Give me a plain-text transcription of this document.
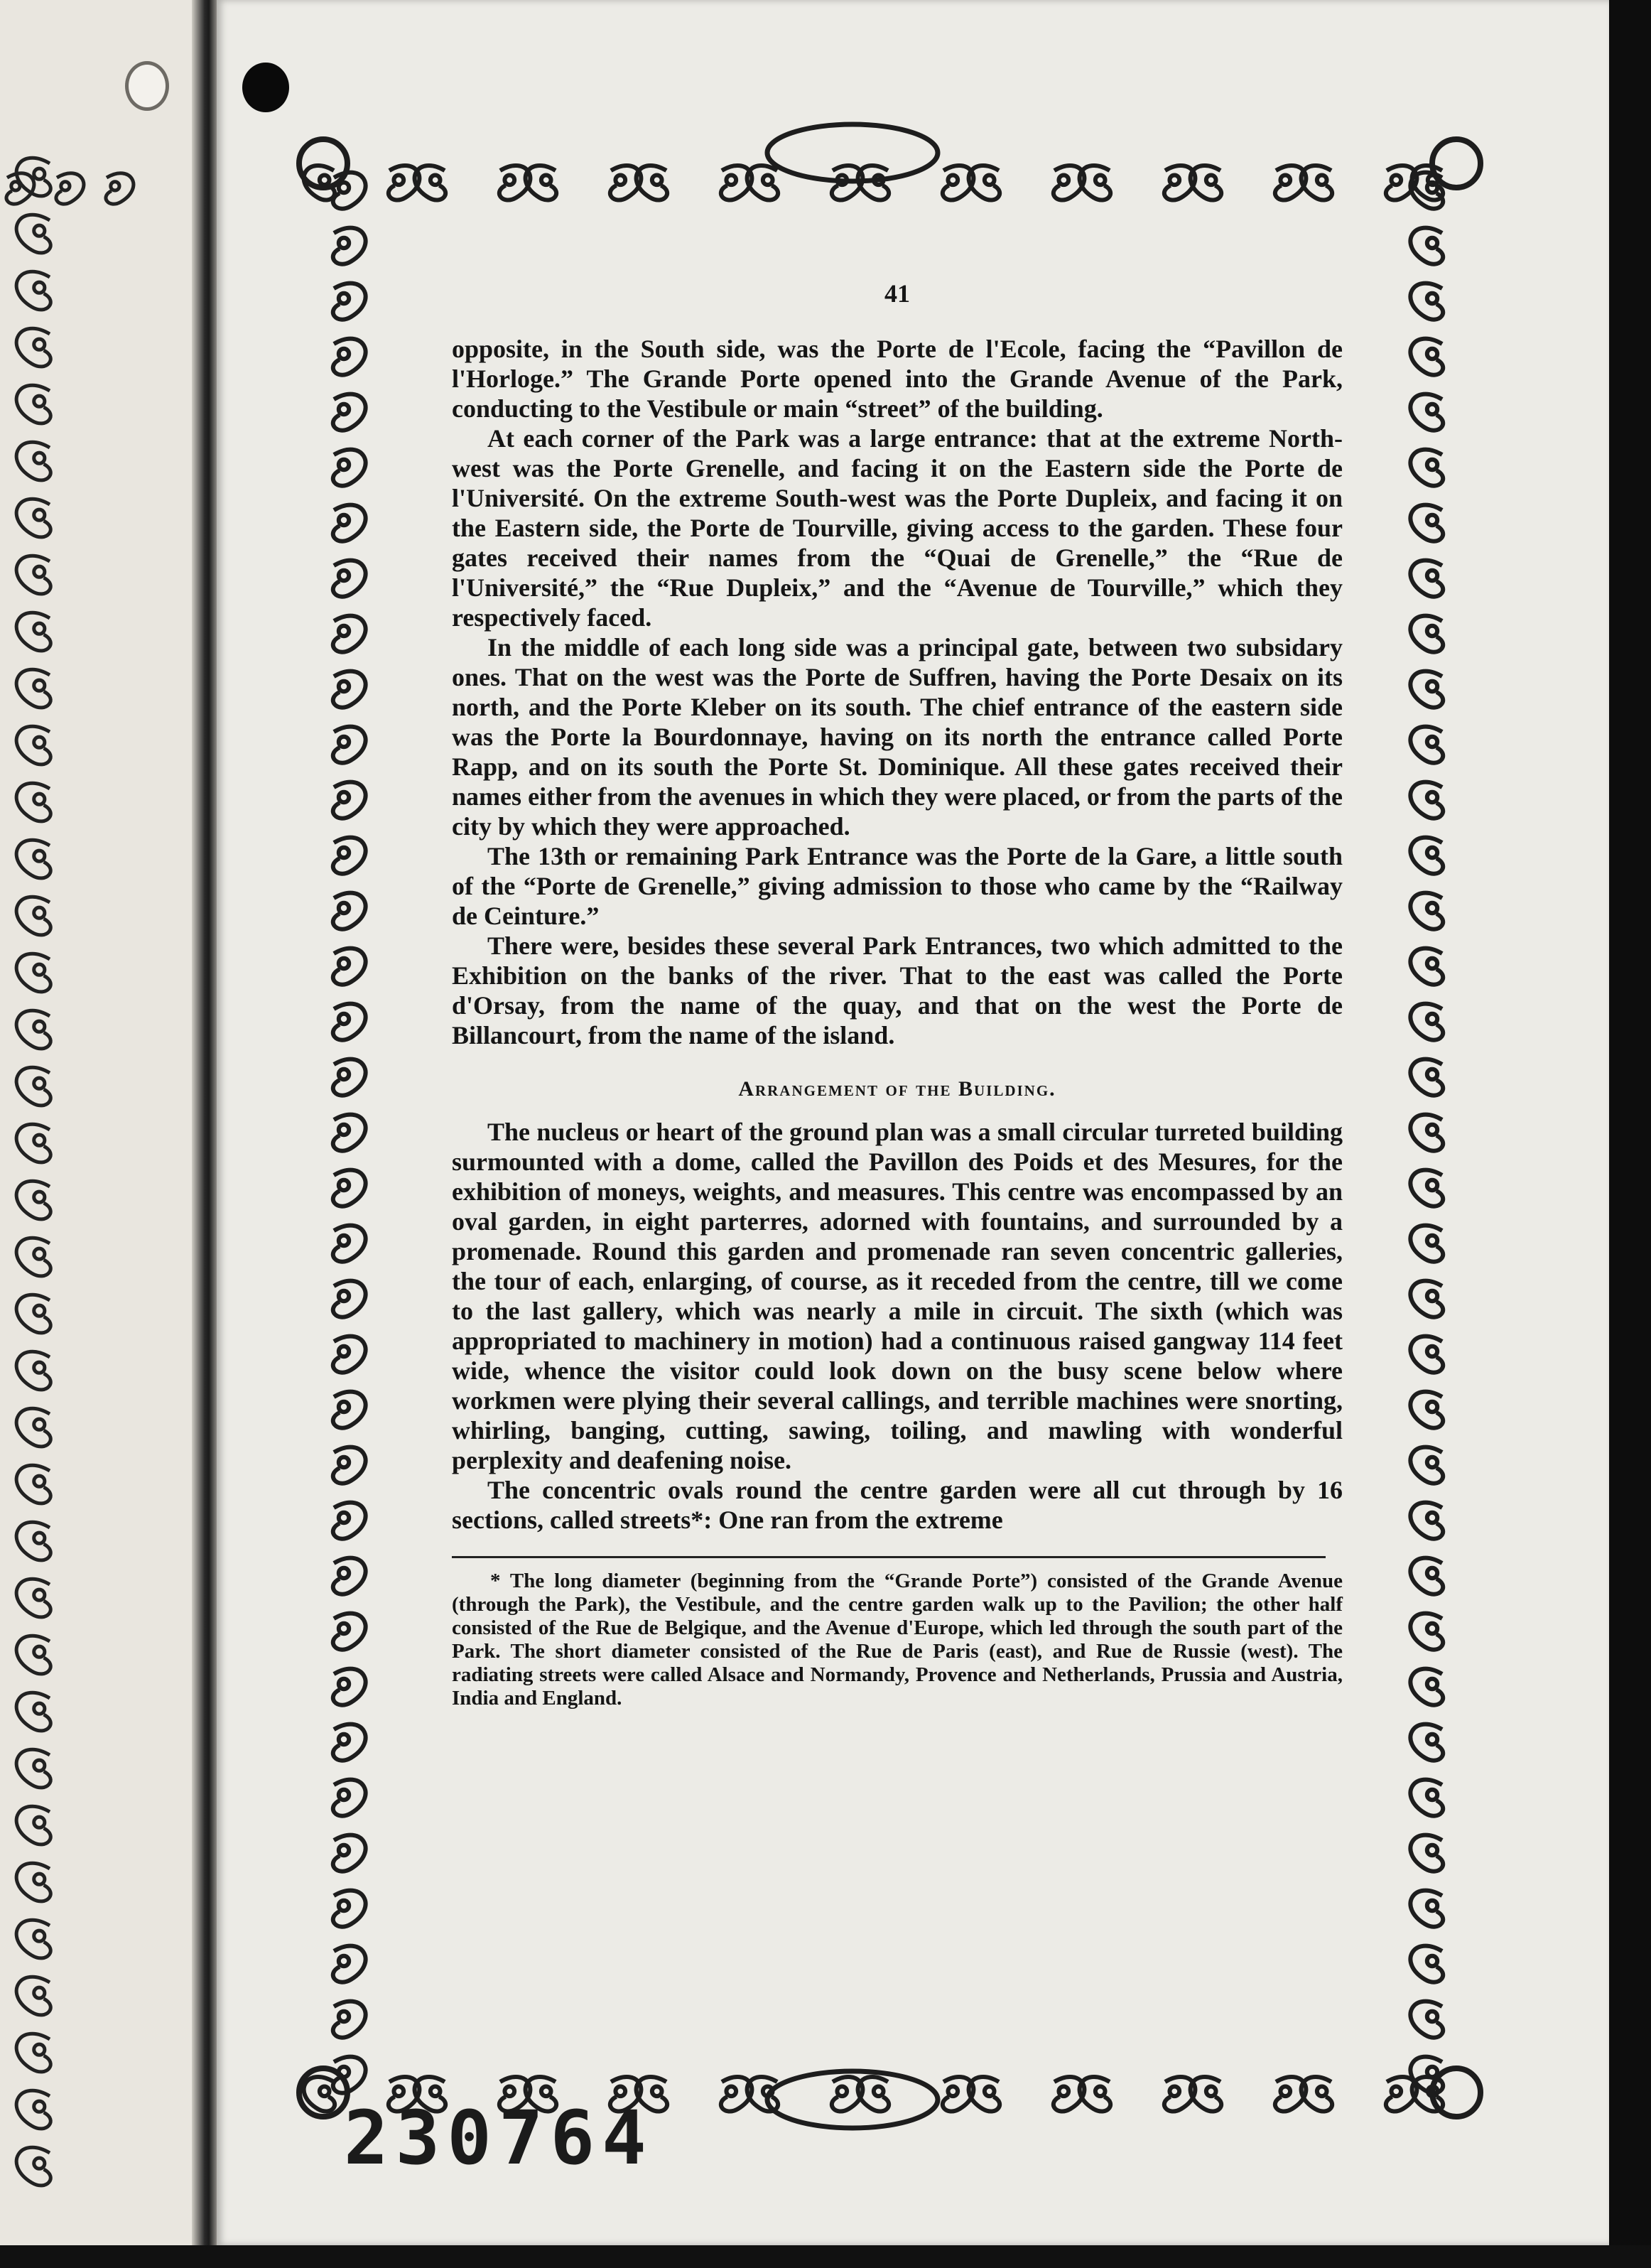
41

opposite, in the South side, was the Porte de l'Ecole, facing the “Pavillon de l'Horloge.” The Grande Porte opened into the Grande Avenue of the Park, conducting to the Vestibule or main “street” of the building.

At each corner of the Park was a large entrance: that at the extreme North-west was the Porte Grenelle, and facing it on the Eastern side the Porte de l'Université. On the extreme South-west was the Porte Dupleix, and facing it on the Eastern side, the Porte de Tourville, giving access to the garden. These four gates received their names from the “Quai de Grenelle,” the “Rue de l'Université,” the “Rue Dupleix,” and the “Avenue de Tourville,” which they respectively faced.

In the middle of each long side was a principal gate, between two subsidary ones. That on the west was the Porte de Suffren, having the Porte Desaix on its north, and the Porte Kleber on its south. The chief entrance of the eastern side was the Porte la Bourdonnaye, having on its north the entrance called Porte Rapp, and on its south the Porte St. Dominique. All these gates received their names either from the avenues in which they were placed, or from the parts of the city by which they were approached.

The 13th or remaining Park Entrance was the Porte de la Gare, a little south of the “Porte de Grenelle,” giving admission to those who came by the “Railway de Ceinture.”

There were, besides these several Park Entrances, two which admitted to the Exhibition on the banks of the river. That to the east was called the Porte d'Orsay, from the name of the quay, and that on the west the Porte de Billancourt, from the name of the island.

Arrangement of the Building.

The nucleus or heart of the ground plan was a small circular turreted building surmounted with a dome, called the Pavillon des Poids et des Mesures, for the exhibition of moneys, weights, and measures. This centre was encompassed by an oval garden, in eight parterres, adorned with fountains, and surrounded by a promenade. Round this garden and promenade ran seven concentric galleries, the tour of each, enlarging, of course, as it receded from the centre, till we come to the last gallery, which was nearly a mile in circuit. The sixth (which was appropriated to machinery in motion) had a continuous raised gangway 114 feet wide, whence the visitor could look down on the busy scene below where workmen were plying their several callings, and terrible machines were snorting, whirling, banging, cutting, sawing, toiling, and mawling with wonderful perplexity and deafening noise.

The concentric ovals round the centre garden were all cut through by 16 sections, called streets*: One ran from the extreme

* The long diameter (beginning from the “Grande Porte”) consisted of the Grande Avenue (through the Park), the Vestibule, and the centre garden walk up to the Pavilion; the other half consisted of the Rue de Belgique, and the Avenue d'Europe, which led through the south part of the Park. The short diameter consisted of the Rue de Paris (east), and Rue de Russie (west). The radiating streets were called Alsace and Normandy, Provence and Netherlands, Prussia and Austria, India and England.

230764
